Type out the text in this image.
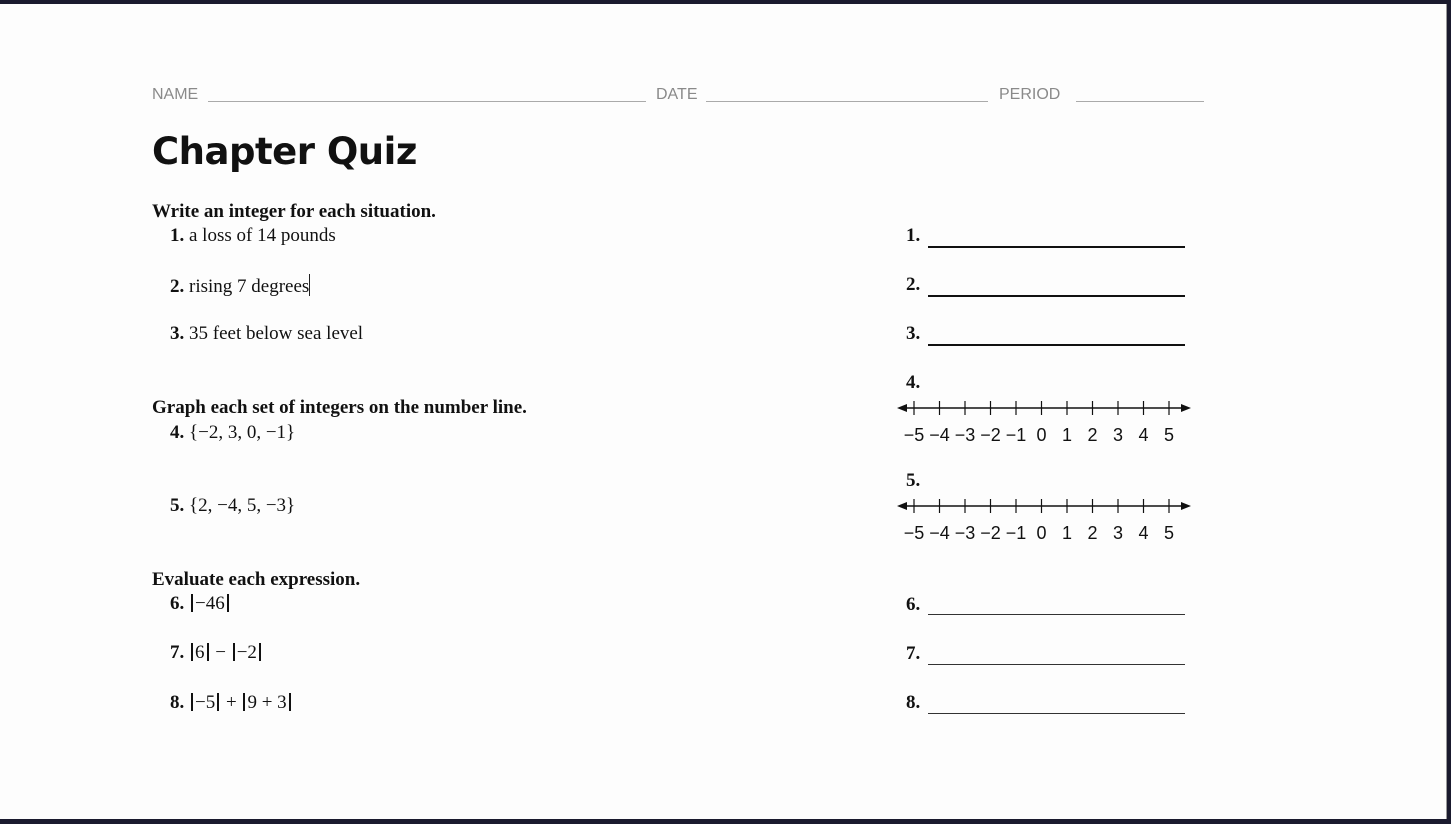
NAME	DATE	PERIOD
Chapter Quiz
Write an integer for each situation.
1. a loss of 14 pounds
2. rising 7 degrees
3. 35 feet below sea level
Graph each set of integers on the number line.
4. {−2, 3, 0, −1}
5. {2, −4, 5, −3}
Evaluate each expression.
6. −46
7. 6 − −2
8. −5 + 9 + 3
1.
2.
3.
4.
−5 −4 −3 −2 −1 0 1 2 3 4 5
5.
−5 −4 −3 −2 −1 0 1 2 3 4 5
6.
7.
8.
